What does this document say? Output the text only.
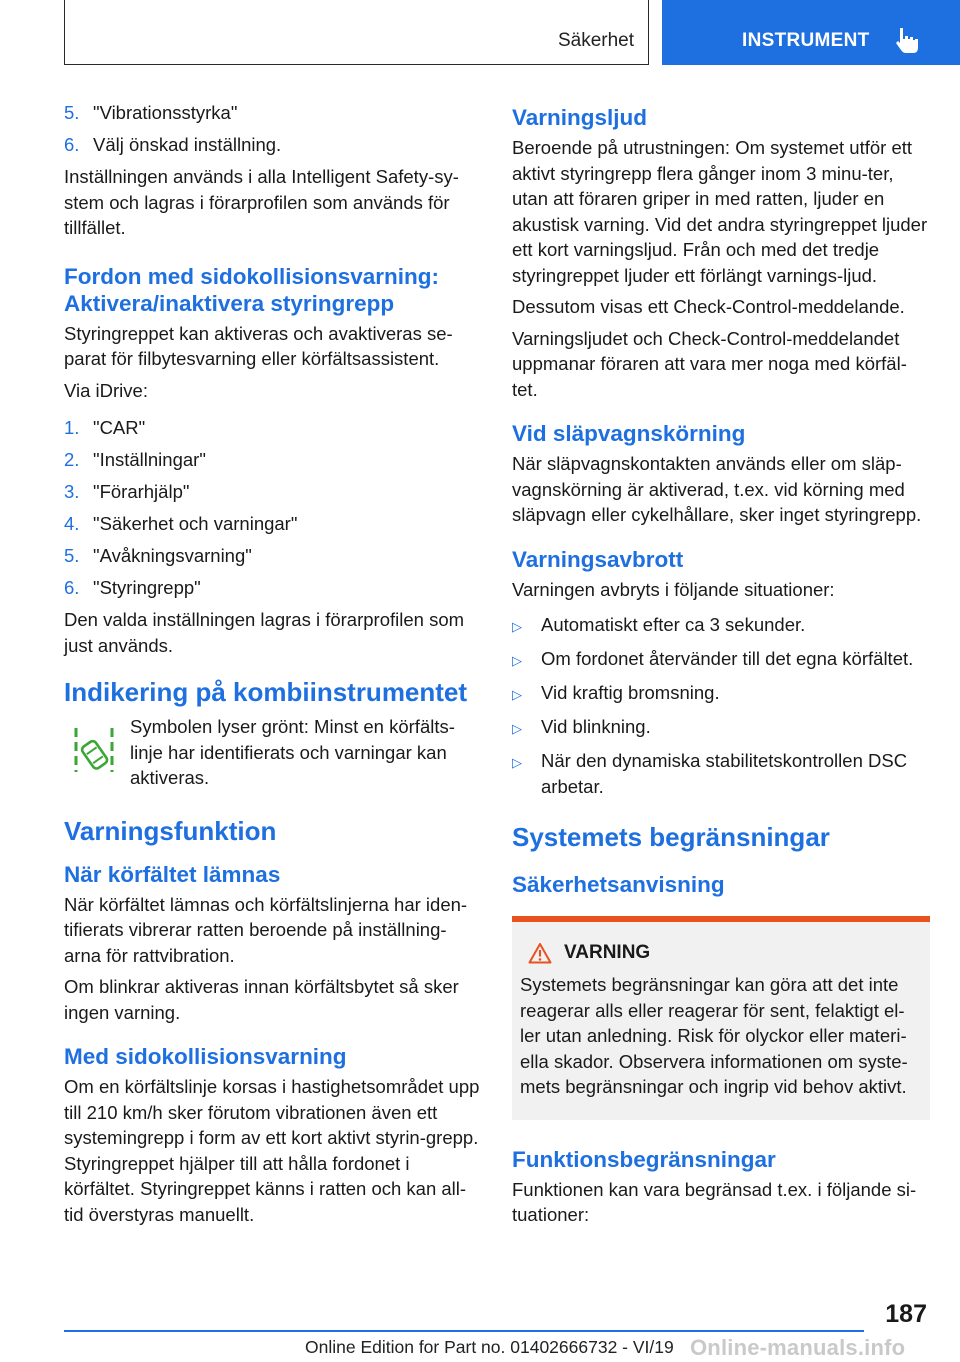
Säkerhet	INSTRUMENT
5. "Vibrationsstyrka"
6. Välj önskad inställning.

Inställningen används i alla Intelligent Safety-sy-stem och lagras i förarprofilen som används för tillfället.

Fordon med sidokollisionsvarning: Aktivera/inaktivera styringrepp

Styringreppet kan aktiveras och avaktiveras se-parat för filbytesvarning eller körfältsassistent.

Via iDrive:

1. "CAR"
2. "Inställningar"
3. "Förarhjälp"
4. "Säkerhet och varningar"
5. "Avåkningsvarning"
6. "Styringrepp"

Den valda inställningen lagras i förarprofilen som just används.

Indikering på kombiinstrumentet
Symbolen lyser grönt: Minst en körfälts-linje har identifierats och varningar kan aktiveras.
Varningsfunktion
När körfältet lämnas

När körfältet lämnas och körfältslinjerna har iden-tifierats vibrerar ratten beroende på inställning-arna för rattvibration.

Om blinkrar aktiveras innan körfältsbytet så sker ingen varning.

Med sidokollisionsvarning

Om en körfältslinje korsas i hastighetsområdet upp till 210 km/h sker förutom vibrationen även ett systemingrepp i form av ett kort aktivt styrin-grepp. Styringreppet hjälper till att hålla fordonet i körfältet. Styringreppet känns i ratten och kan all-tid överstyras manuellt.

Varningsljud

Beroende på utrustningen: Om systemet utför ett aktivt styringrepp flera gånger inom 3 minu-ter, utan att föraren griper in med ratten, ljuder en akustisk varning. Vid det andra styringreppet ljuder ett kort varningsljud. Från och med det tredje styringreppet ljuder ett förlängt varnings-ljud.

Dessutom visas ett Check-Control-meddelande.

Varningsljudet och Check-Control-meddelandet uppmanar föraren att vara mer noga med körfäl-tet.

Vid släpvagnskörning

När släpvagnskontakten används eller om släp-vagnskörning är aktiverad, t.ex. vid körning med släpvagn eller cykelhållare, sker inget styringrepp.

Varningsavbrott

Varningen avbryts i följande situationer:

▷	Automatiskt efter ca 3 sekunder.
▷	Om fordonet återvänder till det egna körfältet.
▷	Vid kraftig bromsning.
▷	Vid blinkning.
▷	När den dynamiska stabilitetskontrollen DSC arbetar.
Systemets begränsningar
Säkerhetsanvisning
VARNING
Systemets begränsningar kan göra att det inte reagerar alls eller reagerar för sent, felaktigt el-ler utan anledning. Risk för olyckor eller materi-ella skador. Observera informationen om syste-mets begränsningar och ingrip vid behov aktivt.
Funktionsbegränsningar

Funktionen kan vara begränsad t.ex. i följande si-tuationer:

187
Online Edition for Part no. 01402666732 - VI/19 Online-manuals.info
